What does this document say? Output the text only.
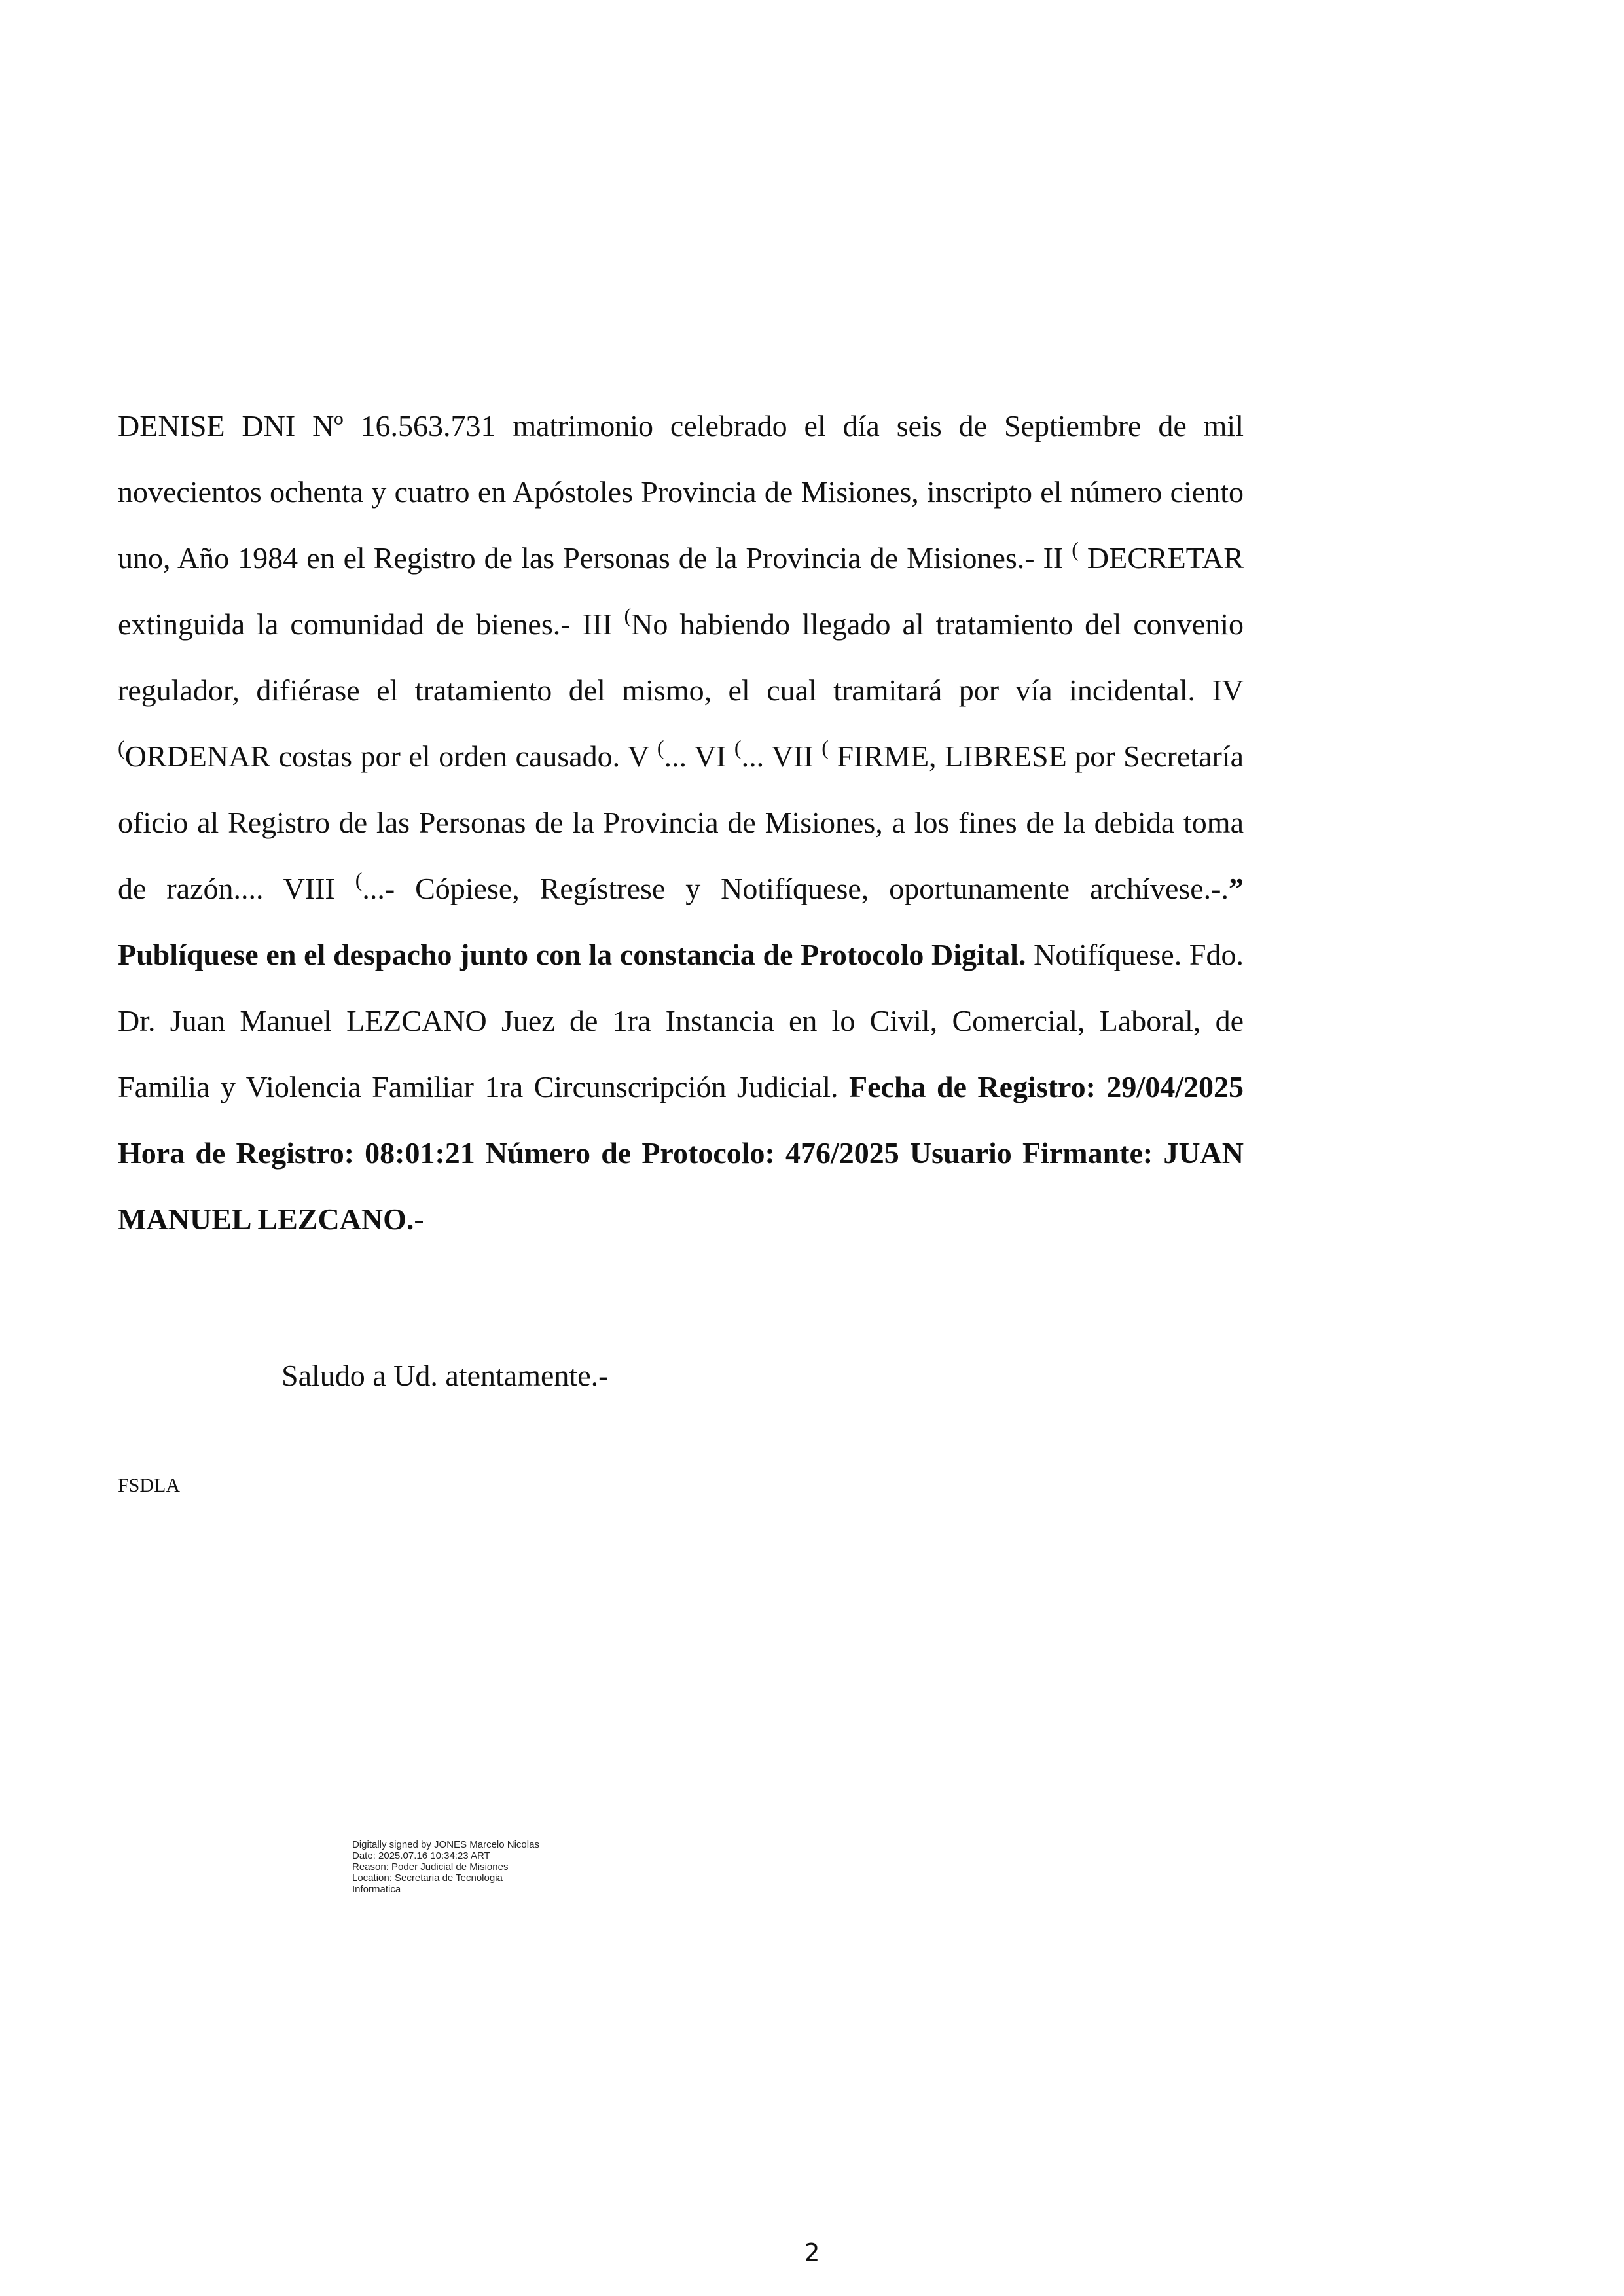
DENISE DNI Nº 16.563.731 matrimonio celebrado el día seis de Septiembre de mil novecientos ochenta y cuatro en Apóstoles Provincia de Misiones, inscripto el número ciento uno, Año 1984 en el Registro de las Personas de la Provincia de Misiones.- II ( DECRETAR extinguida la comunidad de bienes.- III (No habiendo llegado al tratamiento del convenio regulador, difiérase el tratamiento del mismo, el cual tramitará por vía incidental. IV (ORDENAR costas por el orden causado. V (... VI (... VII ( FIRME, LIBRESE por Secretaría oficio al Registro de las Personas de la Provincia de Misiones, a los fines de la debida toma de razón.... VIII (...- Cópiese, Regístrese y Notifíquese, oportunamente archívese.-.” Publíquese en el despacho junto con la constancia de Protocolo Digital. Notifíquese. Fdo. Dr. Juan Manuel LEZCANO Juez de 1ra Instancia en lo Civil, Comercial, Laboral, de Familia y Violencia Familiar 1ra Circunscripción Judicial. Fecha de Registro: 29/04/2025 Hora de Registro: 08:01:21 Número de Protocolo: 476/2025 Usuario Firmante: JUAN MANUEL LEZCANO.-

Saludo a Ud. atentamente.-

FSDLA

Digitally signed by JONES Marcelo Nicolas
Date: 2025.07.16 10:34:23 ART
Reason: Poder Judicial de Misiones
Location: Secretaria de Tecnologia
Informatica

2
